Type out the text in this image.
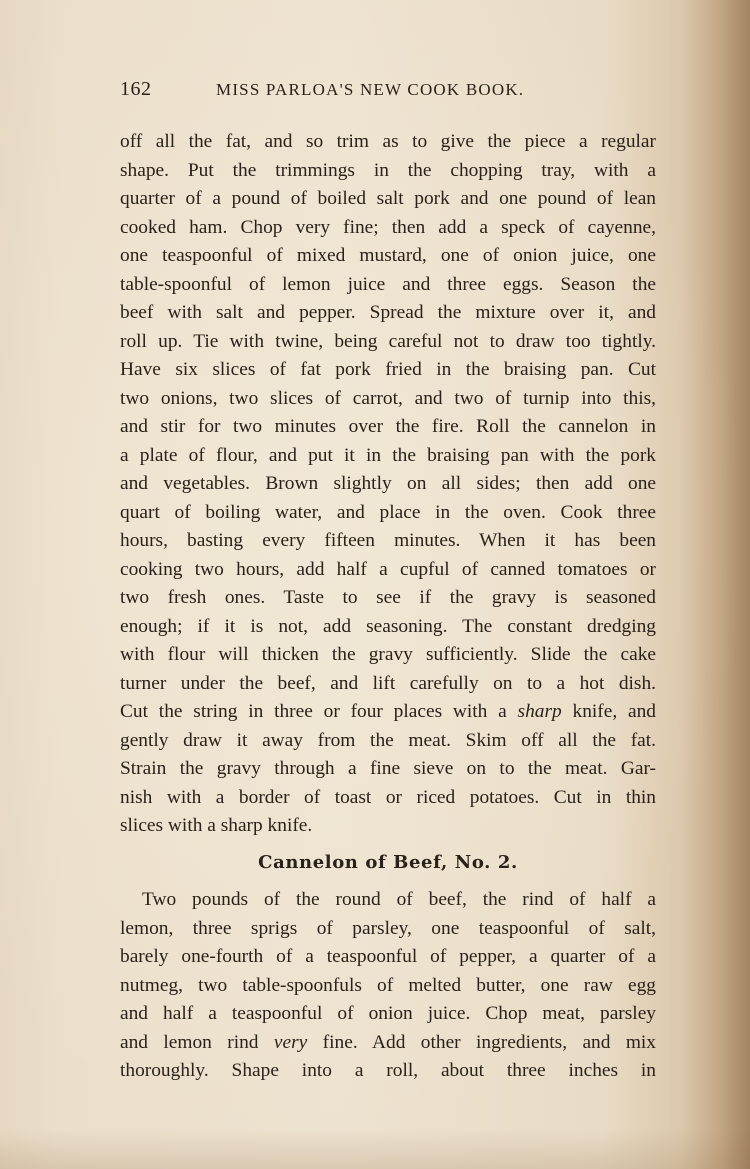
162	MISS PARLOA'S NEW COOK BOOK.
off all the fat, and so trim as to give the piece a regular
shape. Put the trimmings in the chopping tray, with a
quarter of a pound of boiled salt pork and one pound of lean
cooked ham. Chop very fine; then add a speck of cayenne,
one teaspoonful of mixed mustard, one of onion juice, one
table-spoonful of lemon juice and three eggs. Season the
beef with salt and pepper. Spread the mixture over it, and
roll up. Tie with twine, being careful not to draw too tightly.
Have six slices of fat pork fried in the braising pan. Cut
two onions, two slices of carrot, and two of turnip into this,
and stir for two minutes over the fire. Roll the cannelon in
a plate of flour, and put it in the braising pan with the pork
and vegetables. Brown slightly on all sides; then add one
quart of boiling water, and place in the oven. Cook three
hours, basting every fifteen minutes. When it has been
cooking two hours, add half a cupful of canned tomatoes or
two fresh ones. Taste to see if the gravy is seasoned
enough; if it is not, add seasoning. The constant dredging
with flour will thicken the gravy sufficiently. Slide the cake
turner under the beef, and lift carefully on to a hot dish.
Cut the string in three or four places with a sharp knife, and
gently draw it away from the meat. Skim off all the fat.
Strain the gravy through a fine sieve on to the meat. Gar-
nish with a border of toast or riced potatoes. Cut in thin
slices with a sharp knife.
Cannelon of Beef, No. 2.
Two pounds of the round of beef, the rind of half a
lemon, three sprigs of parsley, one teaspoonful of salt,
barely one-fourth of a teaspoonful of pepper, a quarter of a
nutmeg, two table-spoonfuls of melted butter, one raw egg
and half a teaspoonful of onion juice. Chop meat, parsley
and lemon rind very fine. Add other ingredients, and mix
thoroughly. Shape into a roll, about three inches in
